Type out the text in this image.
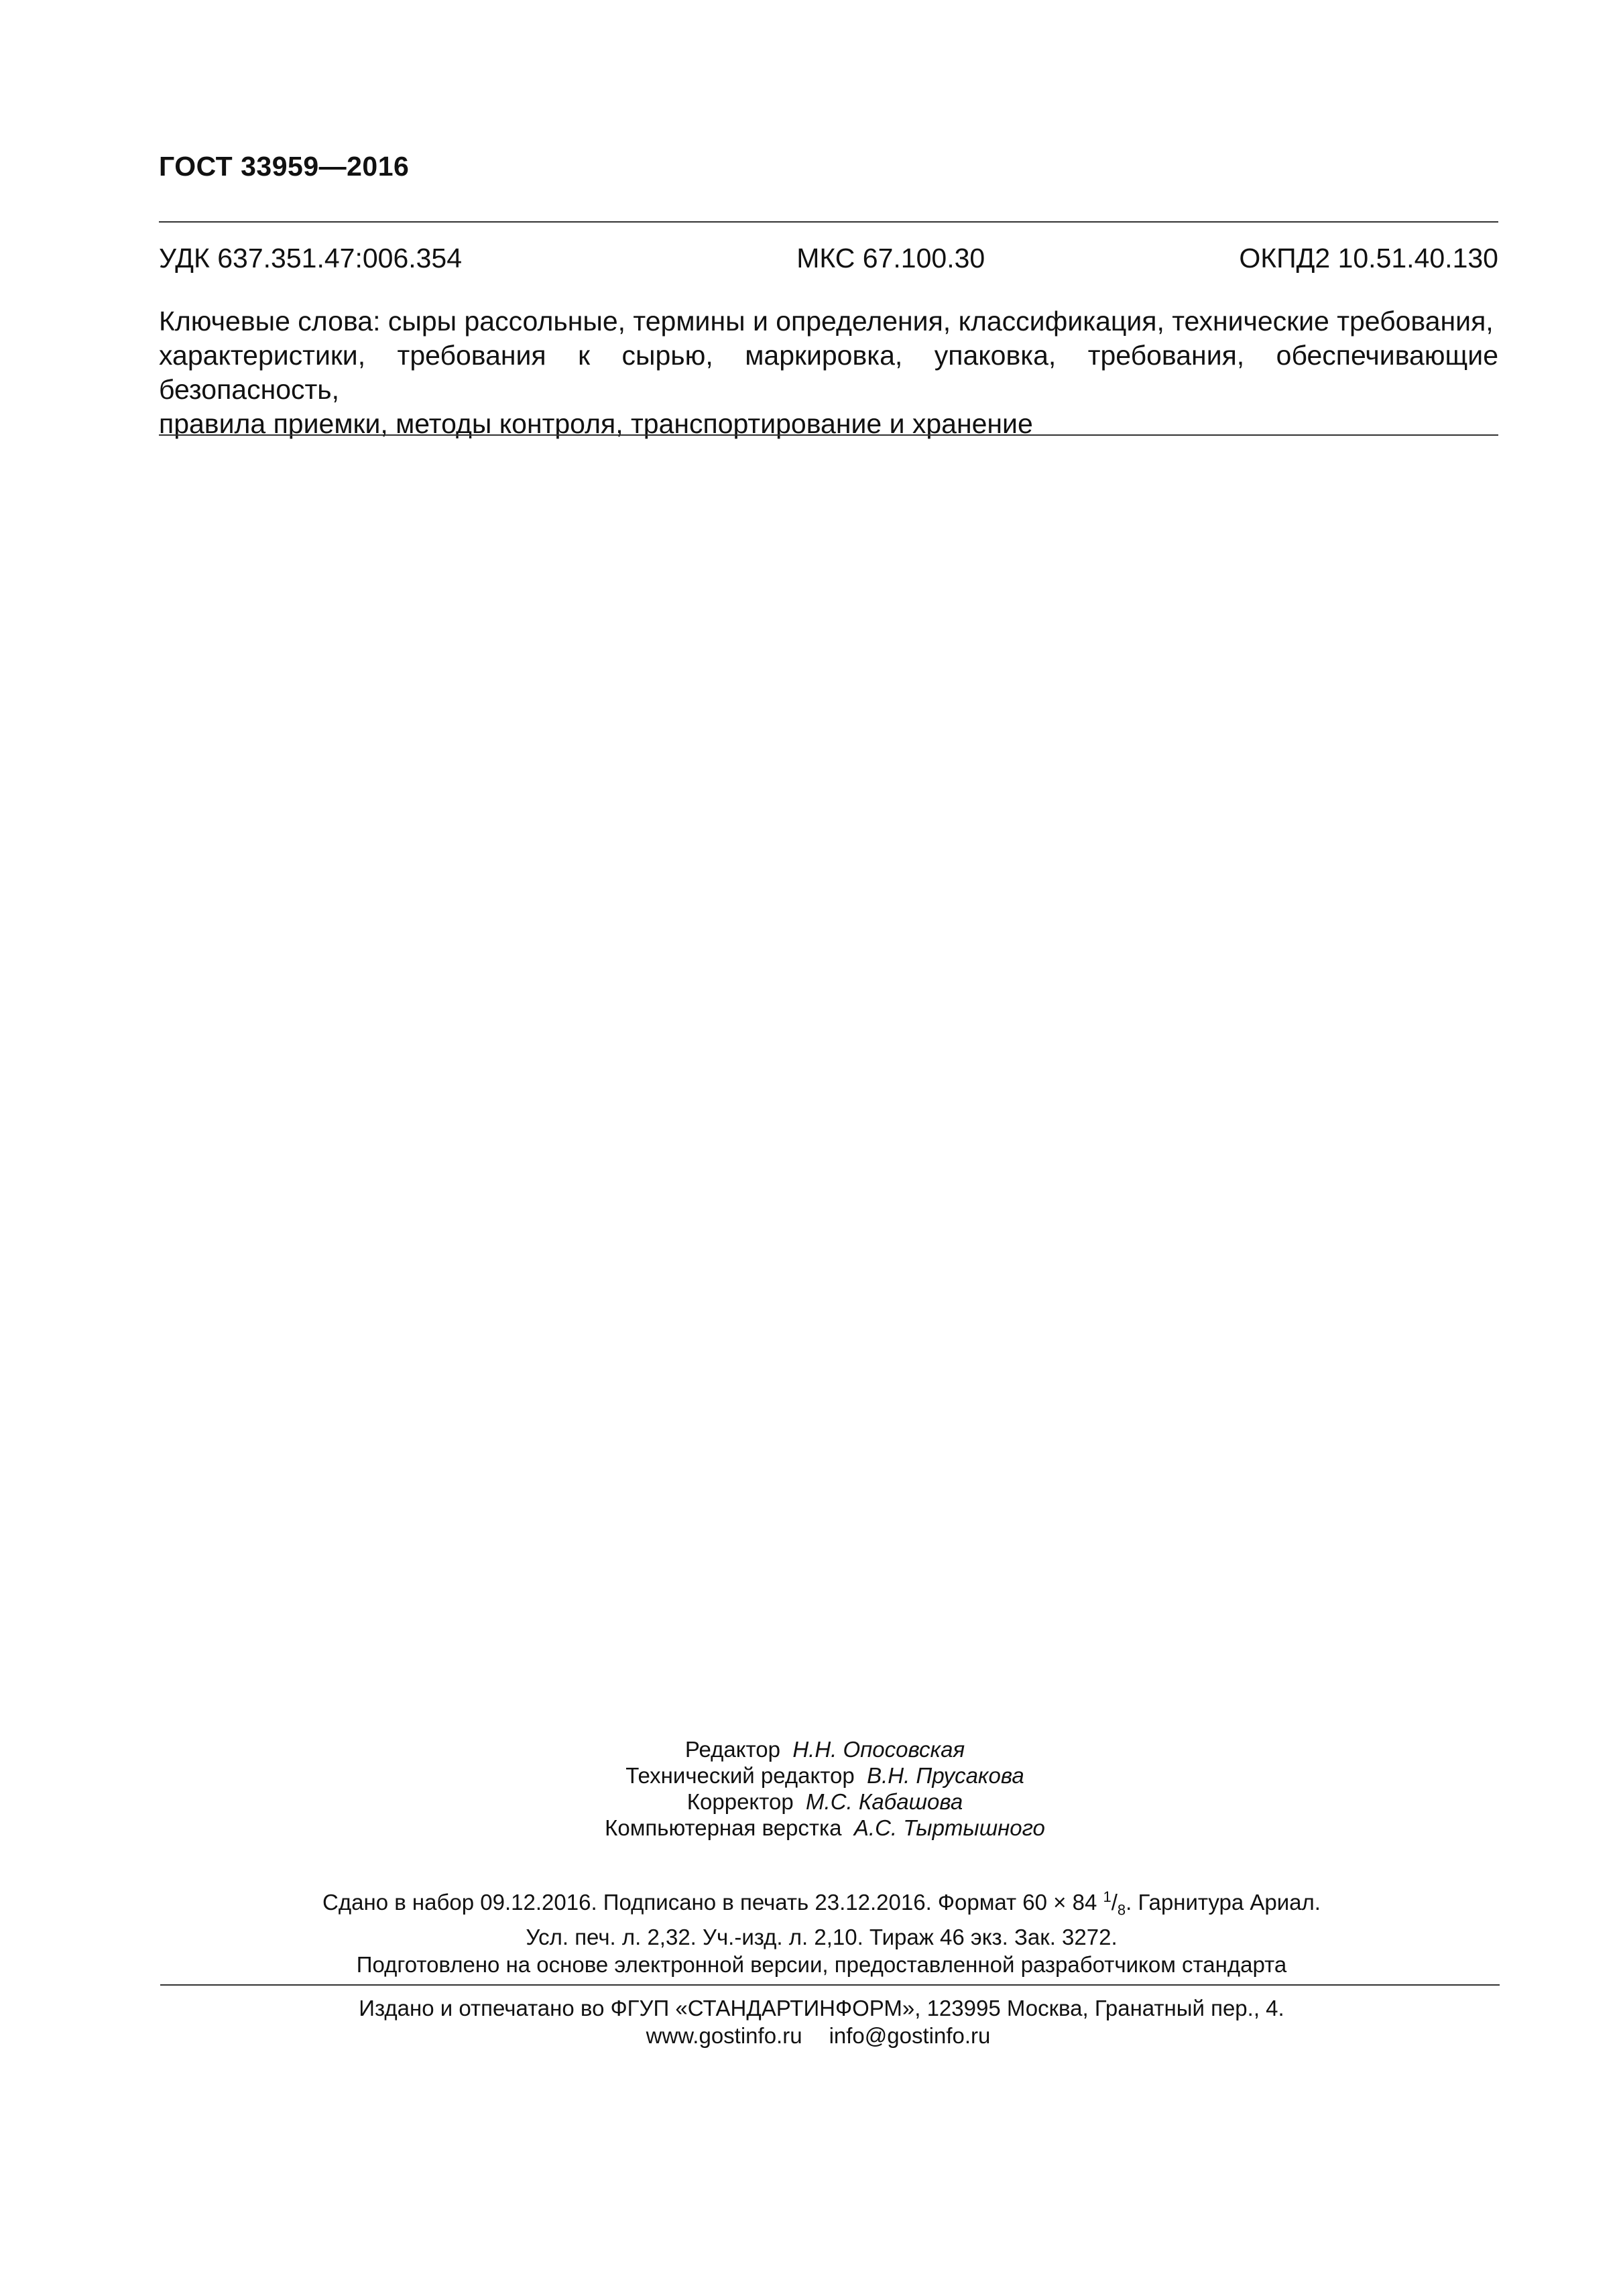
ГОСТ 33959—2016
УДК 637.351.47:006.354	МКС 67.100.30	ОКПД2 10.51.40.130
Ключевые слова: сыры рассольные, термины и определения, классификация, технические требования,
характеристики, требования к сырью, маркировка, упаковка, требования, обеспечивающие безопасность,
правила приемки, методы контроля, транспортирование и хранение
Редактор Н.Н. Опосовская
Технический редактор В.Н. Прусакова
Корректор М.С. Кабашова
Компьютерная верстка А.С. Тыртышного
Сдано в набор 09.12.2016. Подписано в печать 23.12.2016. Формат 60 × 84 $^1/_8$. Гарнитура Ариал.
Усл. печ. л. 2,32. Уч.-изд. л. 2,10. Тираж 46 экз. Зак. 3272.
Подготовлено на основе электронной версии, предоставленной разработчиком стандарта
Издано и отпечатано во ФГУП «СТАНДАРТИНФОРМ», 123995 Москва, Гранатный пер., 4.
www.gostinfo.ru info@gostinfo.ru
